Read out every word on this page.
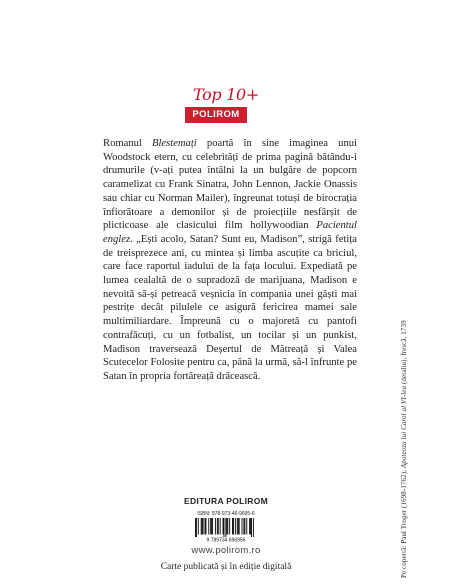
Top 10+
POLIROM

Romanul Blestemați poartă în sine imaginea unui Woodstock etern, cu celebrități de prima pagină bătându-i drumurile (v-ați putea întâlni la un bulgăre de popcorn caramelizat cu Frank Sinatra, John Lennon, Jackie Onassis sau chiar cu Norman Mailer), îngreunat totuși de birocrația înfiorătoare a demonilor și de proiecțiile nesfârșit de plicticoase ale clasicului film hollywoodian Pacientul englez. „Ești acolo, Satan? Sunt eu, Madison”, strigă fetița de treisprezece ani, cu mintea și limba ascuțite ca briciul, care face raportul iadului de la fața locului. Expediată pe lumea cealaltă de o supradoză de marijuana, Madison e nevoită să-și petreacă veșnicia în compania unei găști mai pestrițe decât pilulele ce asigură fericirea mamei sale multimiliardare. Împreună cu o majoretă cu pantofi contrafăcuți, cu un fotbalist, un tocilar și un punkist, Madison traversează Deșertul de Mătreață și Valea Scutecelor Folosite pentru ca, până la urmă, să-l înfrunte pe Satan în propria fortăreață drăcească.

Pe copertă: Paul Troger (1698-1762), Apoteoza lui Carol al VI-lea (detaliu), frescă, 1739
EDITURA POLIROM
ISBN: 978-973-46-9695-6
9 789734 696956
www.polirom.ro
Carte publicată și în ediție digitală
